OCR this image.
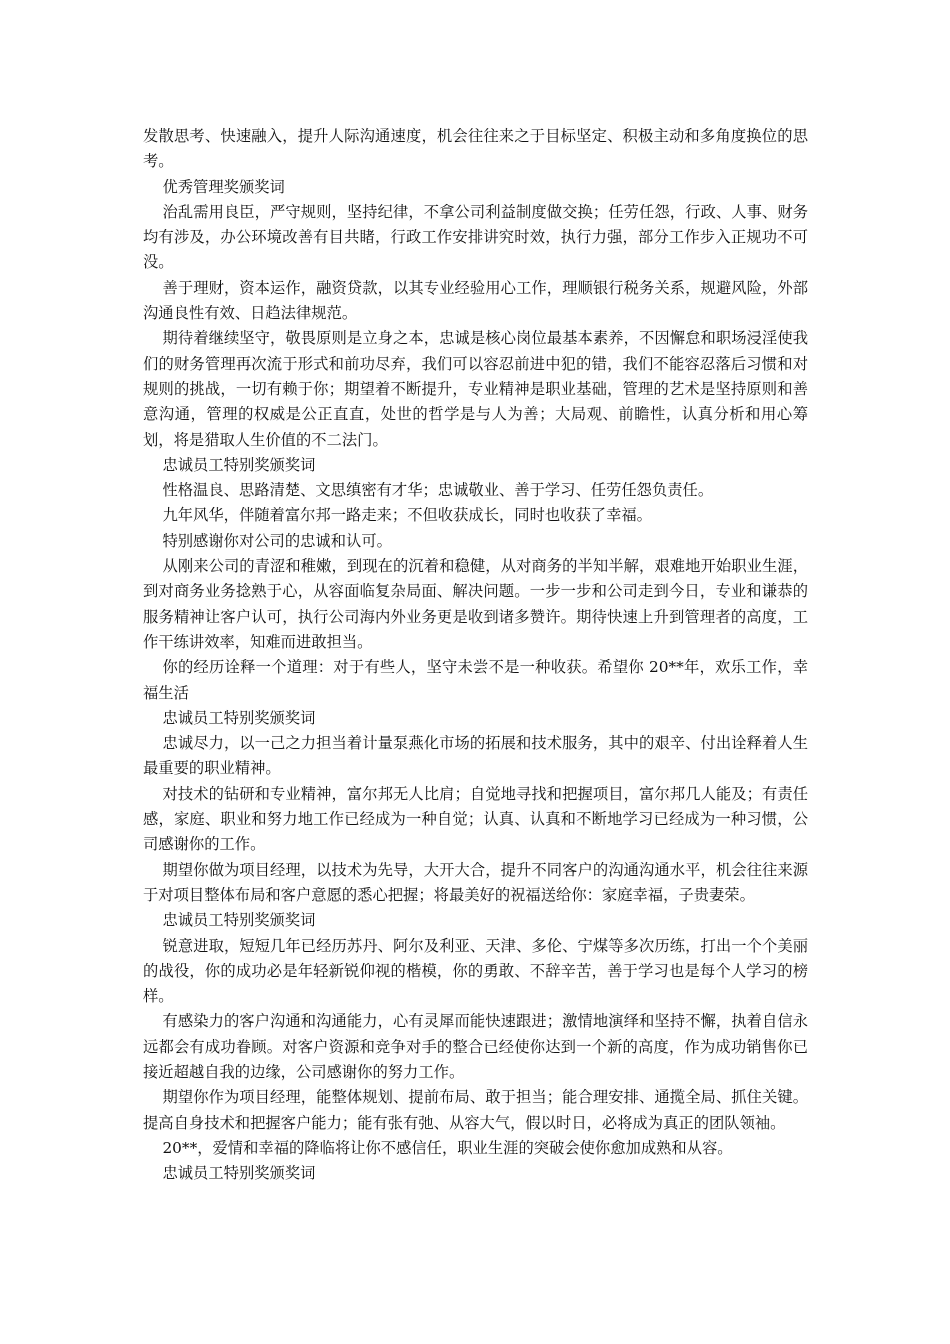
发散思考、快速融入，提升人际沟通速度，机会往往来之于目标坚定、积极主动和多角度换位的思考。

优秀管理奖颁奖词

治乱需用良臣，严守规则，坚持纪律，不拿公司利益制度做交换；任劳任怨，行政、人事、财务均有涉及，办公环境改善有目共睹，行政工作安排讲究时效，执行力强，部分工作步入正规功不可没。

善于理财，资本运作，融资贷款，以其专业经验用心工作，理顺银行税务关系，规避风险，外部沟通良性有效、日趋法律规范。

期待着继续坚守，敬畏原则是立身之本，忠诚是核心岗位最基本素养，不因懈怠和职场浸淫使我们的财务管理再次流于形式和前功尽弃，我们可以容忍前进中犯的错，我们不能容忍落后习惯和对规则的挑战，一切有赖于你；期望着不断提升，专业精神是职业基础，管理的艺术是坚持原则和善意沟通，管理的权威是公正直直，处世的哲学是与人为善；大局观、前瞻性，认真分析和用心筹划，将是猎取人生价值的不二法门。

忠诚员工特别奖颁奖词

性格温良、思路清楚、文思缜密有才华；忠诚敬业、善于学习、任劳任怨负责任。

九年风华，伴随着富尔邦一路走来；不但收获成长，同时也收获了幸福。

特别感谢你对公司的忠诚和认可。

从刚来公司的青涩和稚嫩，到现在的沉着和稳健，从对商务的半知半解，艰难地开始职业生涯，到对商务业务捻熟于心，从容面临复杂局面、解决问题。一步一步和公司走到今日，专业和谦恭的服务精神让客户认可，执行公司海内外业务更是收到诸多赞许。期待快速上升到管理者的高度，工作干练讲效率，知难而进敢担当。

你的经历诠释一个道理：对于有些人，坚守未尝不是一种收获。希望你 20**年，欢乐工作，幸福生活

忠诚员工特别奖颁奖词

忠诚尽力，以一己之力担当着计量泵燕化市场的拓展和技术服务，其中的艰辛、付出诠释着人生最重要的职业精神。

对技术的钻研和专业精神，富尔邦无人比肩；自觉地寻找和把握项目，富尔邦几人能及；有责任感，家庭、职业和努力地工作已经成为一种自觉；认真、认真和不断地学习已经成为一种习惯，公司感谢你的工作。

期望你做为项目经理，以技术为先导，大开大合，提升不同客户的沟通沟通水平，机会往往来源于对项目整体布局和客户意愿的悉心把握；将最美好的祝福送给你：家庭幸福，子贵妻荣。

忠诚员工特别奖颁奖词

锐意进取，短短几年已经历苏丹、阿尔及利亚、天津、多伦、宁煤等多次历练，打出一个个美丽的战役，你的成功必是年轻新锐仰视的楷模，你的勇敢、不辞辛苦，善于学习也是每个人学习的榜样。

有感染力的客户沟通和沟通能力，心有灵犀而能快速跟进；激情地演绎和坚持不懈，执着自信永远都会有成功眷顾。对客户资源和竞争对手的整合已经使你达到一个新的高度，作为成功销售你已接近超越自我的边缘，公司感谢你的努力工作。

期望你作为项目经理，能整体规划、提前布局、敢于担当；能合理安排、通揽全局、抓住关键。提高自身技术和把握客户能力；能有张有弛、从容大气，假以时日，必将成为真正的团队领袖。

20**，爱情和幸福的降临将让你不感信任，职业生涯的突破会使你愈加成熟和从容。

忠诚员工特别奖颁奖词
